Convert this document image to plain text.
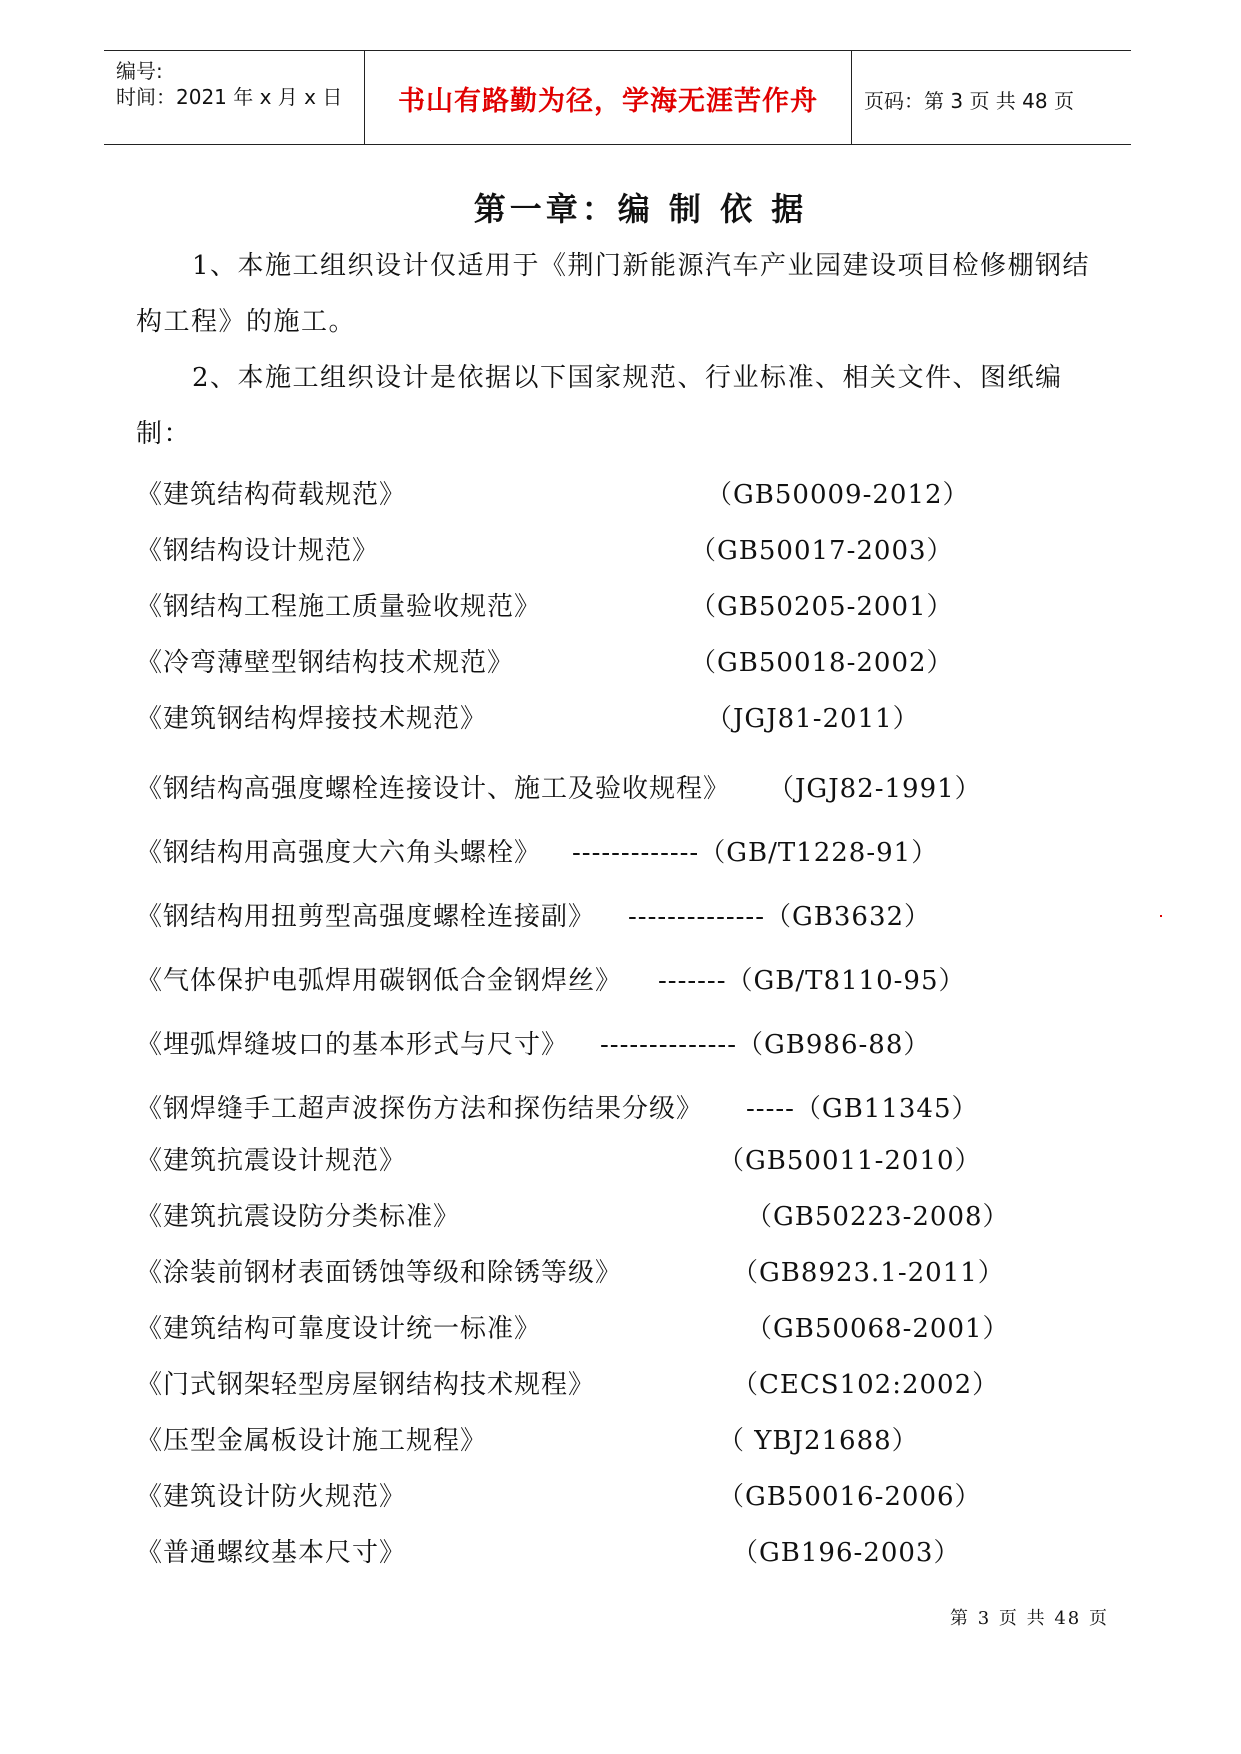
编号:
时间：2021 年 x 月 x 日	书山有路勤为径，学海无涯苦作舟	页码：第 3 页 共 48 页
第一章：编 制 依 据
1、本施工组织设计仅适用于《荆门新能源汽车产业园建设项目检修棚钢结构工程》的施工。
2、本施工组织设计是依据以下国家规范、行业标准、相关文件、图纸编制：
《建筑结构荷载规范》	（GB50009-2012）
《钢结构设计规范》	（GB50017-2003）
《钢结构工程施工质量验收规范》	（GB50205-2001）
《冷弯薄壁型钢结构技术规范》	（GB50018-2002）
《建筑钢结构焊接技术规范》	（JGJ81-2011）
《钢结构高强度螺栓连接设计、施工及验收规程》 （JGJ82-1991）
《钢结构用高强度大六角头螺栓》 -------------（GB/T1228-91）
《钢结构用扭剪型高强度螺栓连接副》 --------------（GB3632）
《气体保护电弧焊用碳钢低合金钢焊丝》 -------（GB/T8110-95）
《埋弧焊缝坡口的基本形式与尺寸》 --------------（GB986-88）
《钢焊缝手工超声波探伤方法和探伤结果分级》 -----（GB11345）
《建筑抗震设计规范》	（GB50011-2010）
《建筑抗震设防分类标准》	（GB50223-2008）
《涂装前钢材表面锈蚀等级和除锈等级》	（GB8923.1-2011）
《建筑结构可靠度设计统一标准》	（GB50068-2001）
《门式钢架轻型房屋钢结构技术规程》	（CECS102:2002）
《压型金属板设计施工规程》	（ YBJ21688）
《建筑设计防火规范》	（GB50016-2006）
《普通螺纹基本尺寸》	（GB196-2003）
第 3 页 共 48 页
